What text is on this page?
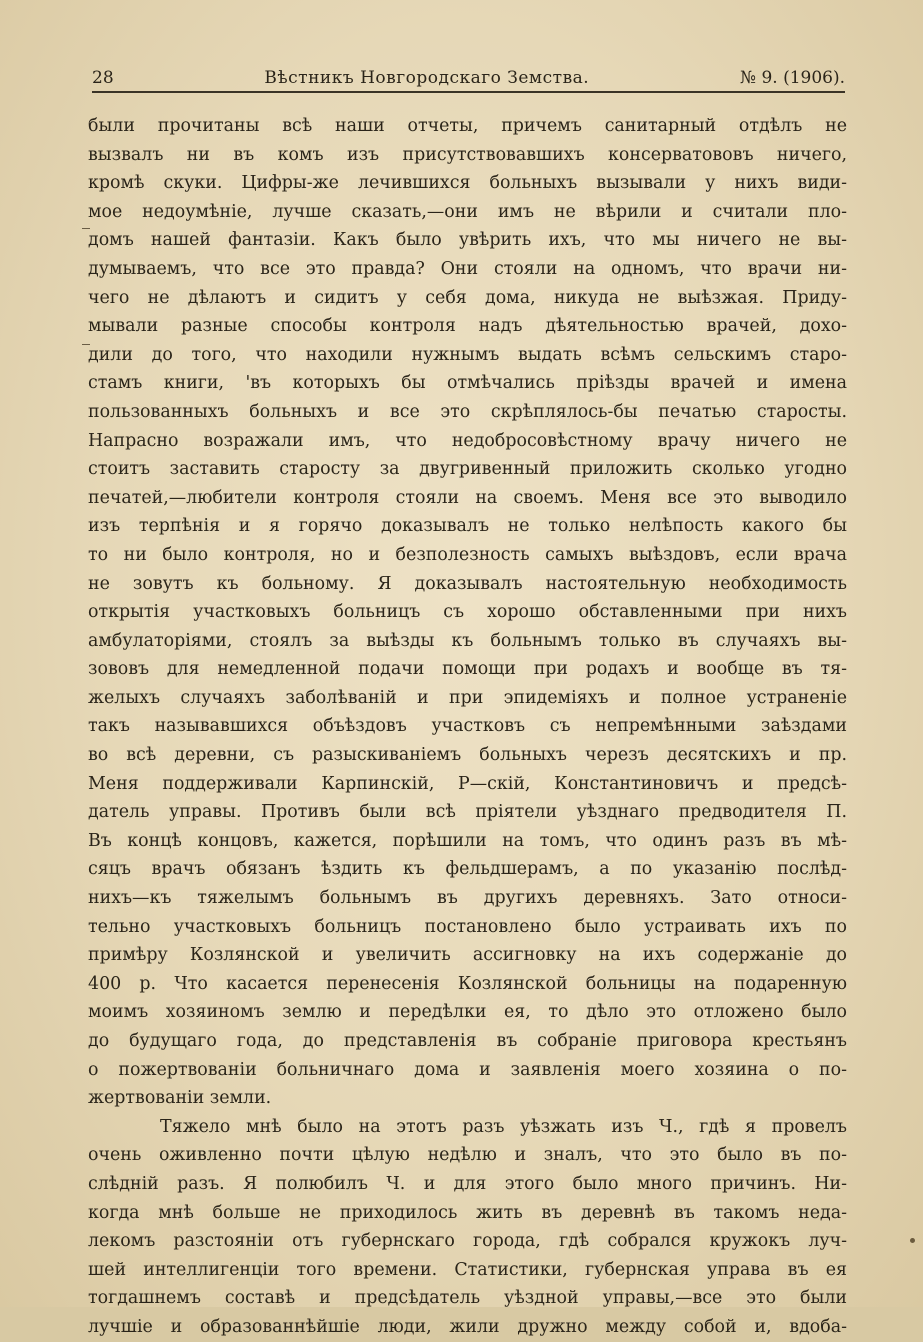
28	Вѣстникъ Новгородскаго Земства.	№ 9. (1906).
были прочитаны всѣ наши отчеты, причемъ санитарный отдѣлъ не
вызвалъ ни въ комъ изъ присутствовавшихъ консерватововъ ничего,
кромѣ скуки. Цифры-же лечившихся больныхъ вызывали у нихъ види-
мое недоумѣніе, лучше сказать,—они имъ не вѣрили и считали пло-
домъ нашей фантазіи. Какъ было увѣрить ихъ, что мы ничего не вы-
думываемъ, что все это правда? Они стояли на одномъ, что врачи ни-
чего не дѣлаютъ и сидитъ у себя дома, никуда не выѣзжая. Приду-
мывали разные способы контроля надъ дѣятельностью врачей, дохо-
дили до того, что находили нужнымъ выдать всѣмъ сельскимъ старо-
стамъ книги, 'въ которыхъ бы отмѣчались пріѣзды врачей и имена
пользованныхъ больныхъ и все это скрѣплялось-бы печатью старосты.
Напрасно возражали имъ, что недобросовѣстному врачу ничего не
стоитъ заставить старосту за двугривенный приложить сколько угодно
печатей,—любители контроля стояли на своемъ. Меня все это выводило
изъ терпѣнія и я горячо доказывалъ не только нелѣпость какого бы
то ни было контроля, но и безполезность самыхъ выѣздовъ, если врача
не зовутъ къ больному. Я доказывалъ настоятельную необходимость
открытія участковыхъ больницъ съ хорошо обставленными при нихъ
амбулаторіями, стоялъ за выѣзды къ больнымъ только въ случаяхъ вы-
зововъ для немедленной подачи помощи при родахъ и вообще въ тя-
желыхъ случаяхъ заболѣваній и при эпидеміяхъ и полное устраненіе
такъ называвшихся объѣздовъ участковъ съ непремѣнными заѣздами
во всѣ деревни, съ разыскиваніемъ больныхъ черезъ десятскихъ и пр.
Меня поддерживали Карпинскій, Р—скій, Константиновичъ и предсѣ-
датель управы. Противъ были всѣ пріятели уѣзднаго предводителя П.
Въ концѣ концовъ, кажется, порѣшили на томъ, что одинъ разъ въ мѣ-
сяцъ врачъ обязанъ ѣздить къ фельдшерамъ, а по указанію послѣд-
нихъ—къ тяжелымъ больнымъ въ другихъ деревняхъ. Зато относи-
тельно участковыхъ больницъ постановлено было устраивать ихъ по
примѣру Козлянской и увеличить ассигновку на ихъ содержаніе до
400 р. Что касается перенесенія Козлянской больницы на подаренную
моимъ хозяиномъ землю и передѣлки ея, то дѣло это отложено было
до будущаго года, до представленія въ собраніе приговора крестьянъ
о пожертвованіи больничнаго дома и заявленія моего хозяина о по-
жертвованіи земли.
Тяжело мнѣ было на этотъ разъ уѣзжать изъ Ч., гдѣ я провелъ
очень оживленно почти цѣлую недѣлю и зналъ, что это было въ по-
слѣдній разъ. Я полюбилъ Ч. и для этого было много причинъ. Ни-
когда мнѣ больше не приходилось жить въ деревнѣ въ такомъ неда-
лекомъ разстояніи отъ губернскаго города, гдѣ собрался кружокъ луч-
шей интеллигенціи того времени. Статистики, губернская управа въ ея
тогдашнемъ составѣ и предсѣдатель уѣздной управы,—все это были
лучшіе и образованнѣйшіе люди, жили дружно между собой и, вдоба-
